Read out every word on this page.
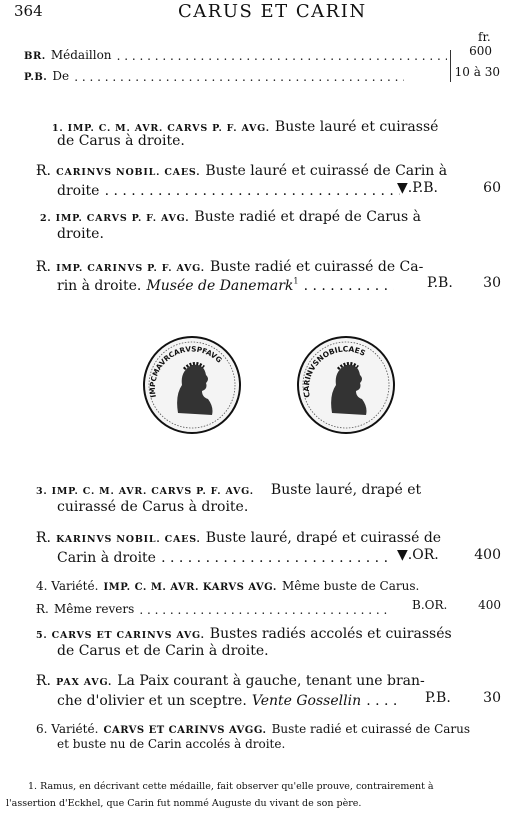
364	CARUS ET CARIN
fr.
BR. Médaillon . . .	600
P.B. De . . .	10 à 30
1. IMP. C. M. AVR. CARVS P. F. AVG. Buste lauré et cuirassé
de Carus à droite.
Ɍ. CARINVS NOBIL. CAES. Buste lauré et cuirassé de Carin à
droite . . .	▼.P.B.	60
2. IMP. CARVS P. F. AVG. Buste radié et drapé de Carus à
droite.
Ɍ. IMP. CARINVS P. F. AVG. Buste radié et cuirassé de Ca-
rin à droite. Musée de Danemark$^1$ . . .	P.B. 30
IMPCMAVRCARVSPFAVG
CARINVSNOBILCAES
3. IMP. C. M. AVR. CARVS P. F. AVG. Buste lauré, drapé et
cuirassé de Carus à droite.
Ɍ. KARINVS NOBIL. CAES. Buste lauré, drapé et cuirassé de
Carin à droite . . .	▼.OR.	400
4. Variété. IMP. C. M. AVR. KARVS AVG. Même buste de Carus.
Ɍ. Même revers . . .	B.OR.	400
5. CARVS ET CARINVS AVG. Bustes radiés accolés et cuirassés
de Carus et de Carin à droite.
Ɍ. PAX AVG. La Paix courant à gauche, tenant une bran-
che d'olivier et un sceptre. Vente Gossellin . . .	P.B. 30
6. Variété. CARVS ET CARINVS AVGG. Buste radié et cuirassé de Carus
et buste nu de Carin accolés à droite.
1. Ramus, en décrivant cette médaille, fait observer qu'elle prouve, contrairement à
l'assertion d'Eckhel, que Carin fut nommé Auguste du vivant de son père.
